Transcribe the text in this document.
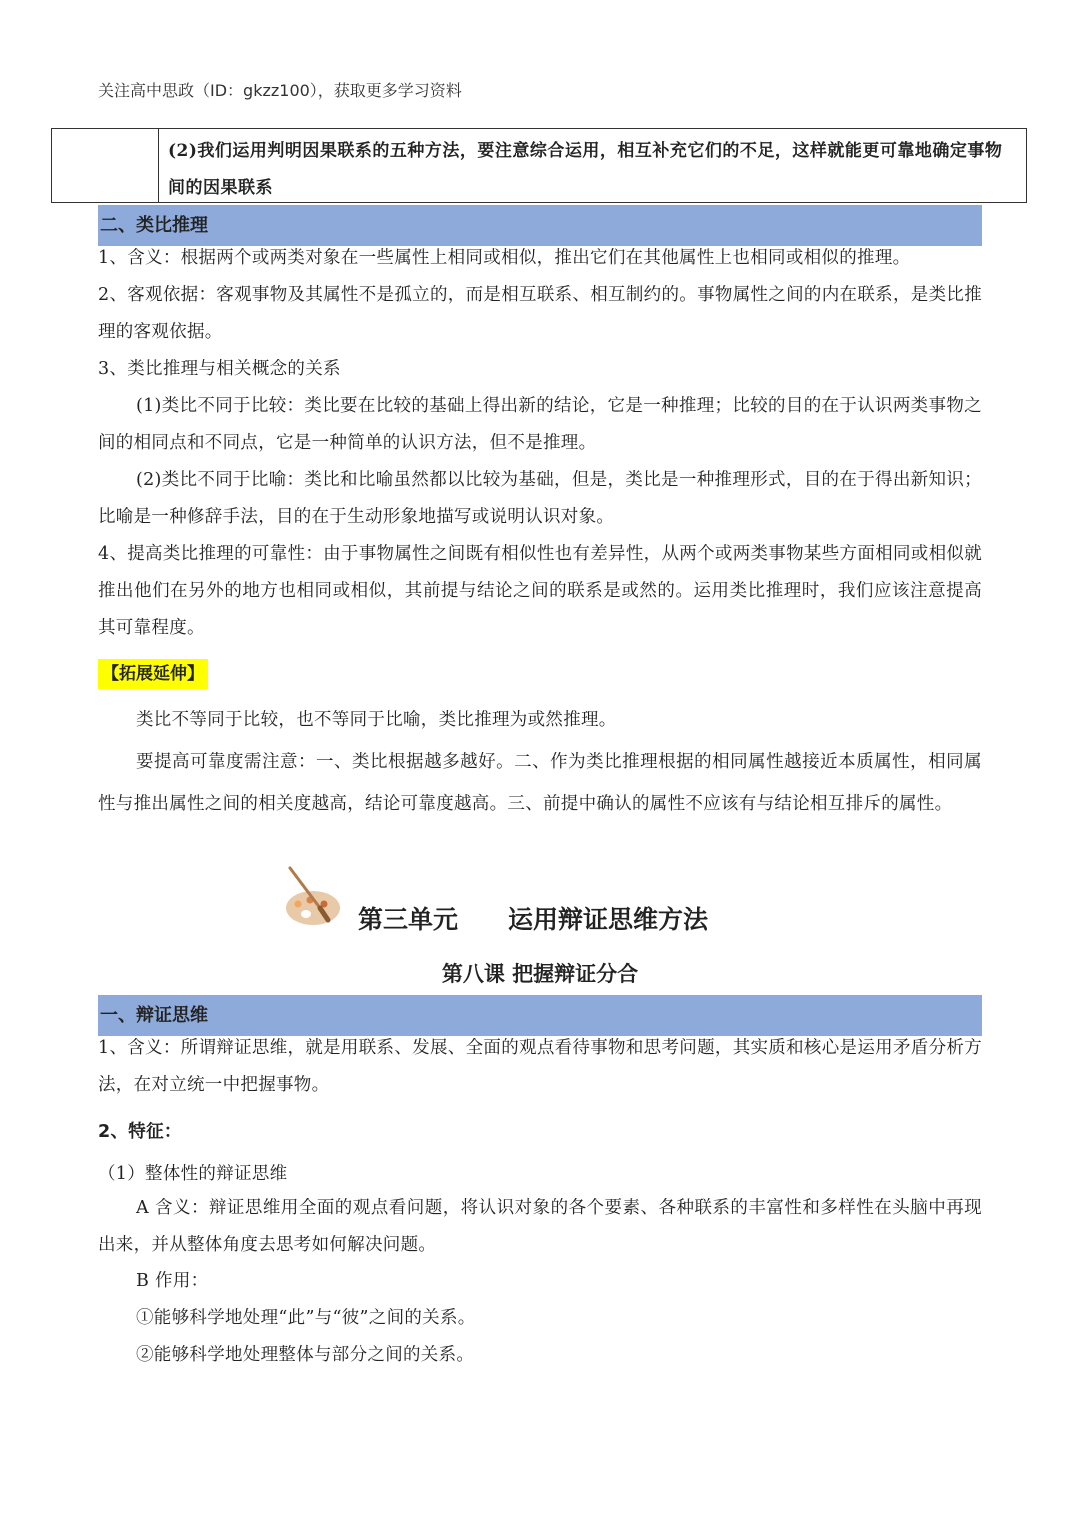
关注高中思政（ID：gkzz100），获取更多学习资料
(2)我们运用判明因果联系的五种方法，要注意综合运用，相互补充它们的不足，这样就能更可靠地确定事物间的因果联系
二、类比推理
1、含义：根据两个或两类对象在一些属性上相同或相似，推出它们在其他属性上也相同或相似的推理。
2、客观依据：客观事物及其属性不是孤立的，而是相互联系、相互制约的。事物属性之间的内在联系，是类比推理的客观依据。
3、类比推理与相关概念的关系
(1)类比不同于比较：类比要在比较的基础上得出新的结论，它是一种推理；比较的目的在于认识两类事物之间的相同点和不同点，它是一种简单的认识方法，但不是推理。
(2)类比不同于比喻：类比和比喻虽然都以比较为基础，但是，类比是一种推理形式，目的在于得出新知识；比喻是一种修辞手法，目的在于生动形象地描写或说明认识对象。
4、提高类比推理的可靠性：由于事物属性之间既有相似性也有差异性，从两个或两类事物某些方面相同或相似就推出他们在另外的地方也相同或相似，其前提与结论之间的联系是或然的。运用类比推理时，我们应该注意提高其可靠程度。
【拓展延伸】
类比不等同于比较，也不等同于比喻，类比推理为或然推理。
要提高可靠度需注意：一、类比根据越多越好。二、作为类比推理根据的相同属性越接近本质属性，相同属性与推出属性之间的相关度越高，结论可靠度越高。三、前提中确认的属性不应该有与结论相互排斥的属性。
第三单元　　运用辩证思维方法
第八课 把握辩证分合
一、辩证思维
1、含义：所谓辩证思维，就是用联系、发展、全面的观点看待事物和思考问题，其实质和核心是运用矛盾分析方法，在对立统一中把握事物。
2、特征：
（1）整体性的辩证思维
A 含义：辩证思维用全面的观点看问题，将认识对象的各个要素、各种联系的丰富性和多样性在头脑中再现出来，并从整体角度去思考如何解决问题。
B 作用：
①能够科学地处理“此”与“彼”之间的关系。
②能够科学地处理整体与部分之间的关系。
